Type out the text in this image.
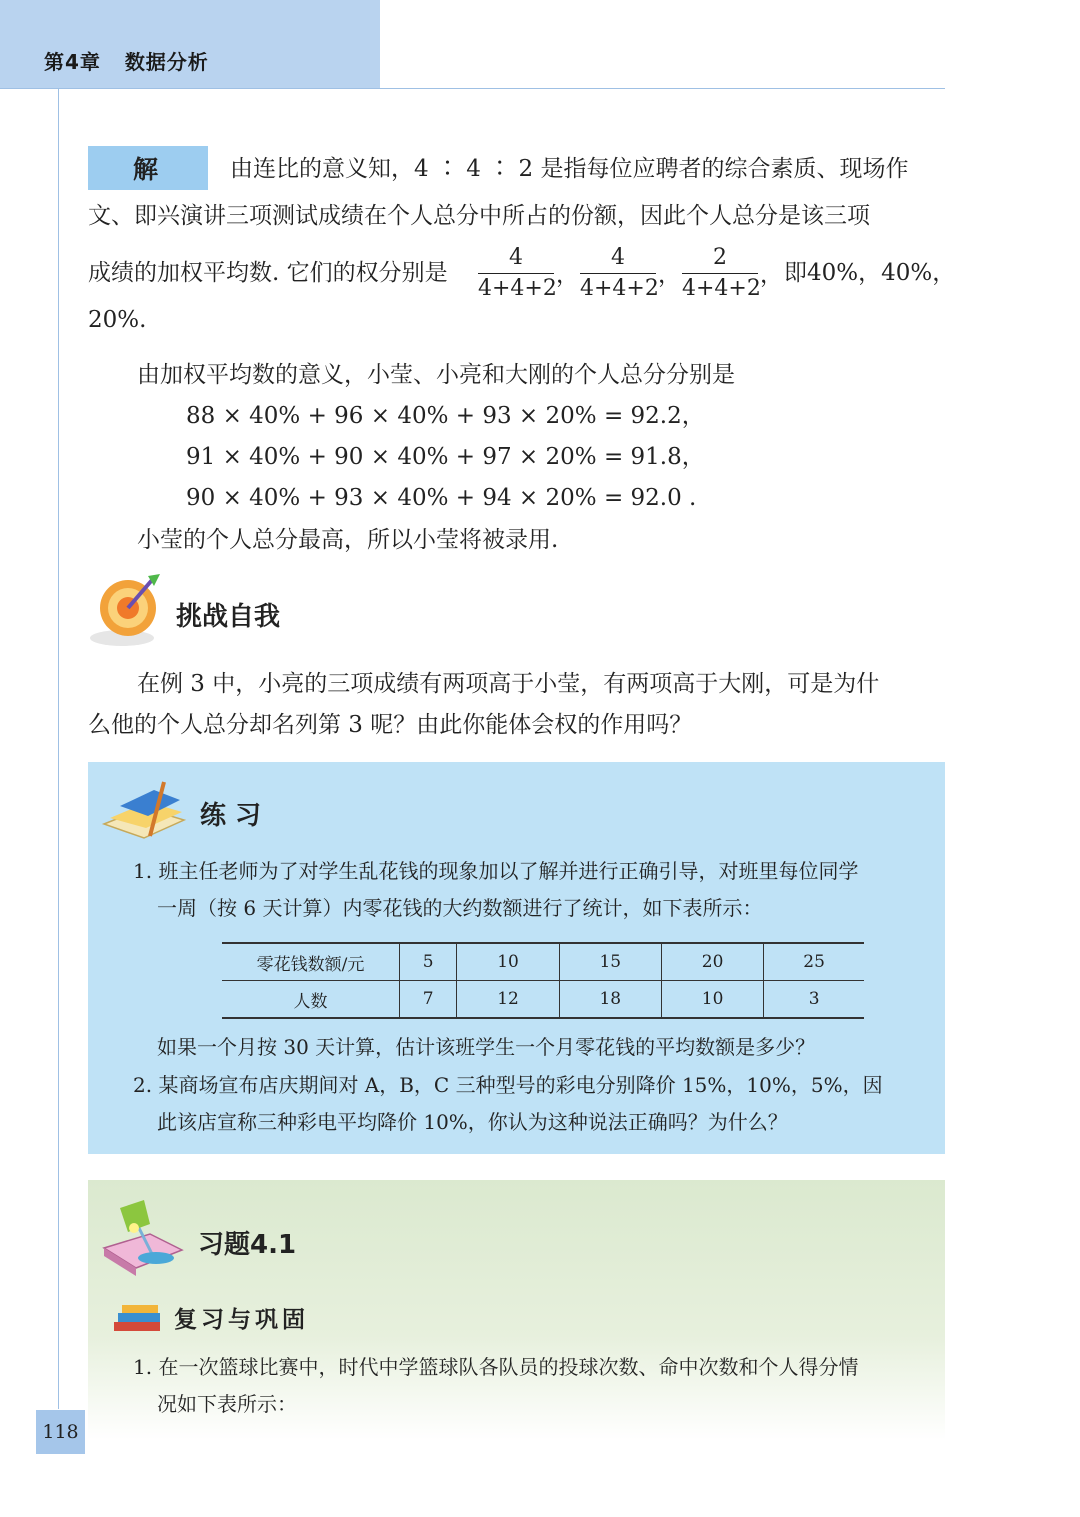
第4章 数据分析
解	由连比的意义知，4 ∶ 4 ∶ 2 是指每位应聘者的综合素质、现场作
文、即兴演讲三项测试成绩在个人总分中所占的份额，因此个人总分是该三项
成绩的加权平均数. 它们的权分别是
4
4+4+2
，
4
4+4+2
，
2
4+4+2
， 即40%，40%，
20%.
由加权平均数的意义，小莹、小亮和大刚的个人总分分别是
88 × 40% + 96 × 40% + 93 × 20% = 92.2，
91 × 40% + 90 × 40% + 97 × 20% = 91.8，
90 × 40% + 93 × 40% + 94 × 20% = 92.0 .
小莹的个人总分最高，所以小莹将被录用.
挑战自我
在例 3 中，小亮的三项成绩有两项高于小莹，有两项高于大刚，可是为什
么他的个人总分却名列第 3 呢？由此你能体会权的作用吗？
练 习
1. 班主任老师为了对学生乱花钱的现象加以了解并进行正确引导，对班里每位同学
一周（按 6 天计算）内零花钱的大约数额进行了统计，如下表所示：
零花钱数额/元	5	10	15	20	25
人数	7	12	18	10	3
如果一个月按 30 天计算，估计该班学生一个月零花钱的平均数额是多少？
2. 某商场宣布店庆期间对 A，B，C 三种型号的彩电分别降价 15%，10%，5%，因
此该店宣称三种彩电平均降价 10%，你认为这种说法正确吗？为什么？
习题4.1
复习与巩固
1. 在一次篮球比赛中，时代中学篮球队各队员的投球次数、命中次数和个人得分情
况如下表所示：
118
